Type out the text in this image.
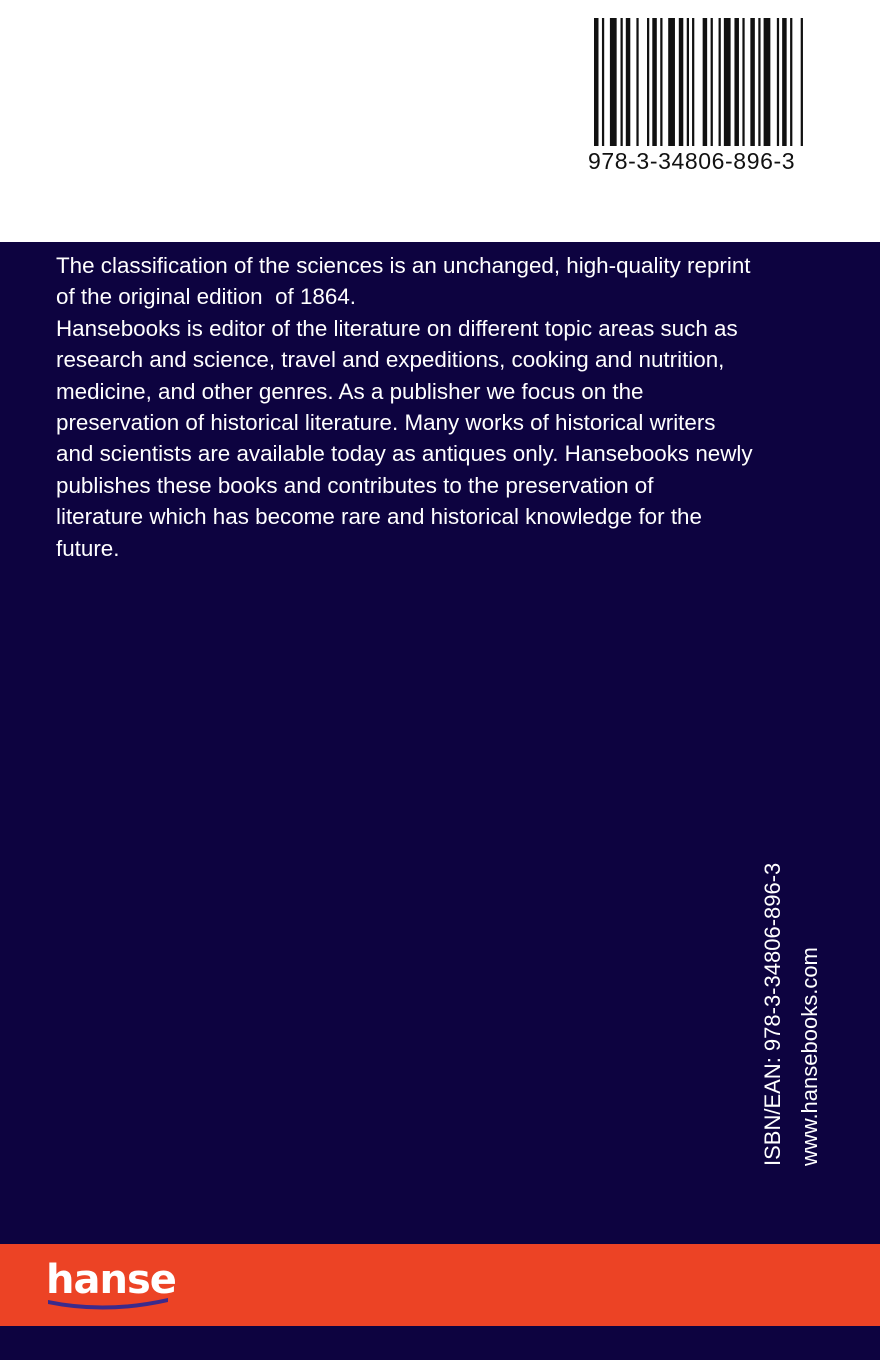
978-3-34806-896-3

The classification of the sciences is an unchanged, high-quality reprint
of the original edition  of 1864.

Hansebooks is editor of the literature on different topic areas such as
research and science, travel and expeditions, cooking and nutrition,
medicine, and other genres. As a publisher we focus on the
preservation of historical literature. Many works of historical writers
and scientists are available today as antiques only. Hansebooks newly
publishes these books and contributes to the preservation of
literature which has become rare and historical knowledge for the
future.

ISBN/EAN: 978-3-34806-896-3 www.hansebooks.com
hanse
